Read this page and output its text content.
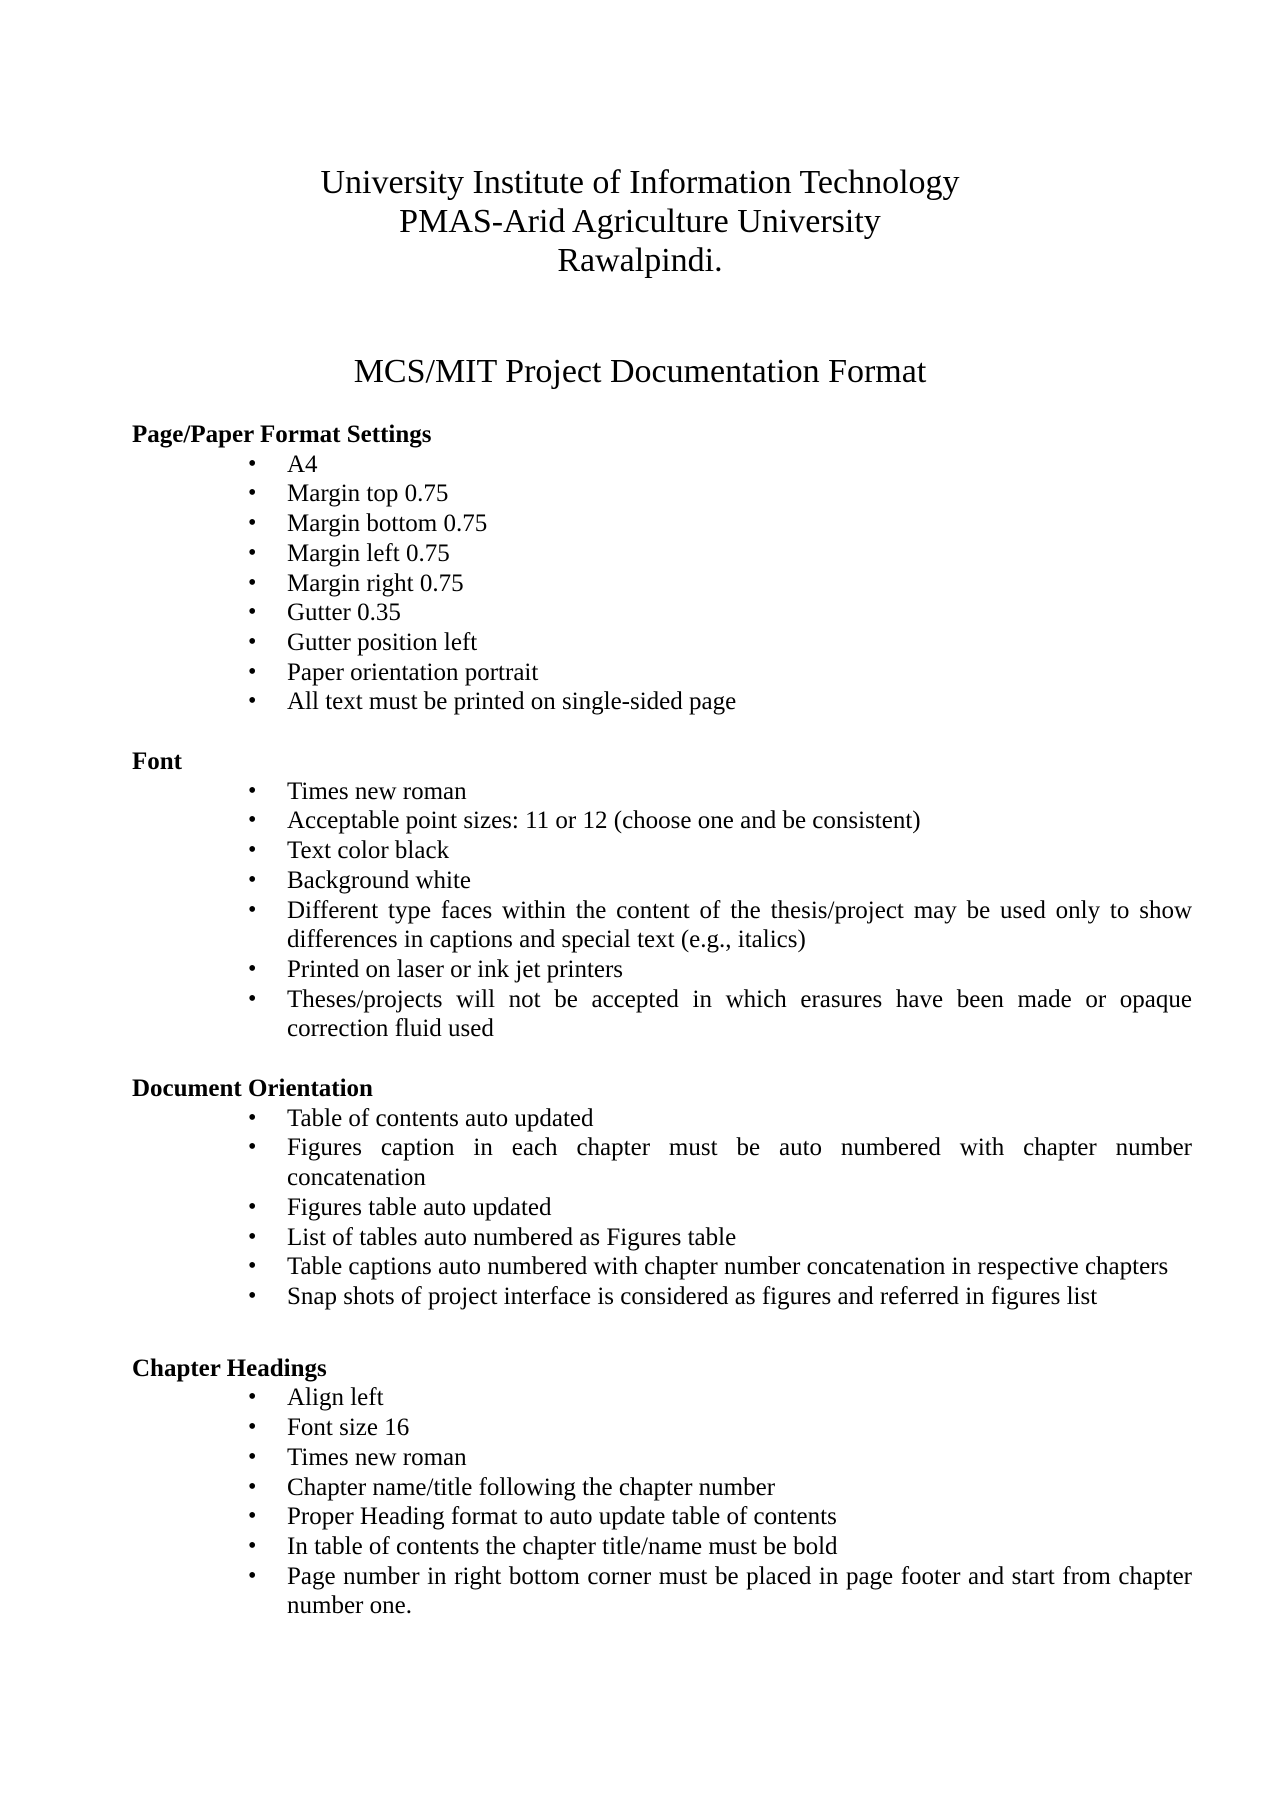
University Institute of Information Technology
PMAS-Arid Agriculture University
Rawalpindi.
MCS/MIT Project Documentation Format
Page/Paper Format Settings
• A4
• Margin top 0.75
• Margin bottom 0.75
• Margin left 0.75
• Margin right 0.75
• Gutter 0.35
• Gutter position left
• Paper orientation portrait
• All text must be printed on single-sided page
Font
• Times new roman
• Acceptable point sizes: 11 or 12 (choose one and be consistent)
• Text color black
• Background white
• Different type faces within the content of the thesis/project may be used only to show differences in captions and special text (e.g., italics)
• Printed on laser or ink jet printers
• Theses/projects will not be accepted in which erasures have been made or opaque correction fluid used
Document Orientation
• Table of contents auto updated
• Figures caption in each chapter must be auto numbered with chapter number concatenation
• Figures table auto updated
• List of tables auto numbered as Figures table
• Table captions auto numbered with chapter number concatenation in respective chapters
• Snap shots of project interface is considered as figures and referred in figures list
Chapter Headings
• Align left
• Font size 16
• Times new roman
• Chapter name/title following the chapter number
• Proper Heading format to auto update table of contents
• In table of contents the chapter title/name must be bold
• Page number in right bottom corner must be placed in page footer and start from chapter number one.
